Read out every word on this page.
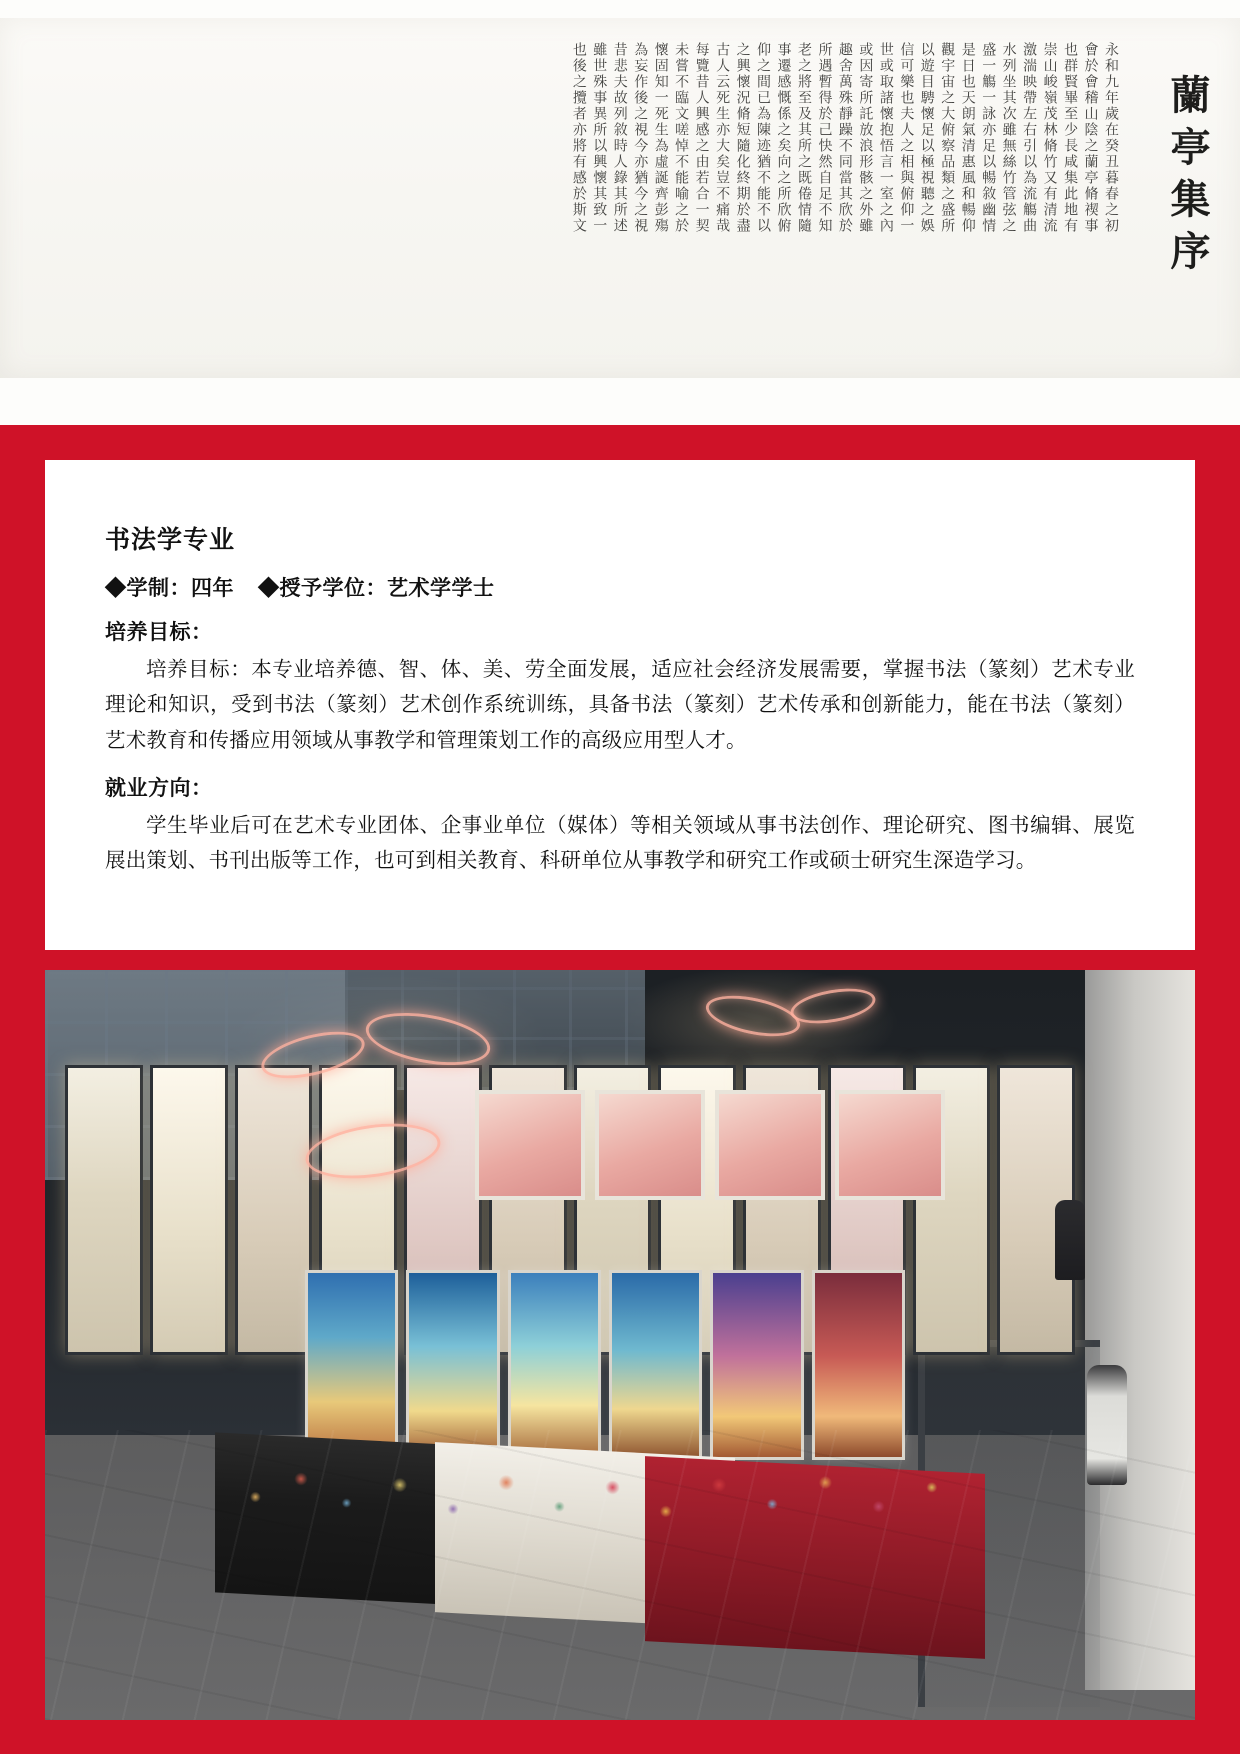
永和九年歲在癸丑暮春之初
會於會稽山陰之蘭亭脩禊事
也群賢畢至少長咸集此地有
崇山峻嶺茂林脩竹又有清流
激湍映帶左右引以為流觴曲
水列坐其次雖無絲竹管弦之
盛一觴一詠亦足以暢敘幽情
是日也天朗氣清惠風和暢仰
觀宇宙之大俯察品類之盛所
以遊目騁懷足以極視聽之娛
信可樂也夫人之相與俯仰一
世或取諸懷抱悟言一室之內
或因寄所託放浪形骸之外雖
趣舍萬殊靜躁不同當其欣於
所遇暫得於己快然自足不知
老之將至及其所之既倦情隨
事遷感慨係之矣向之所欣俯
仰之間已為陳迹猶不能不以
之興懷況脩短隨化終期於盡
古人云死生亦大矣豈不痛哉
每覽昔人興感之由若合一契
未嘗不臨文嗟悼不能喻之於
懷固知一死生為虛誕齊彭殤
為妄作後之視今亦猶今之視
昔悲夫故列敘時人錄其所述
雖世殊事異所以興懷其致一
也後之攬者亦將有感於斯文	蘭亭集序
书法学专业
◆学制：四年 ◆授予学位：艺术学学士
培养目标：

培养目标：本专业培养德、智、体、美、劳全面发展，适应社会经济发展需要，掌握书法（篆刻）艺术专业理论和知识，受到书法（篆刻）艺术创作系统训练，具备书法（篆刻）艺术传承和创新能力，能在书法（篆刻）艺术教育和传播应用领域从事教学和管理策划工作的高级应用型人才。

就业方向：

学生毕业后可在艺术专业团体、企事业单位（媒体）等相关领域从事书法创作、理论研究、图书编辑、展览展出策划、书刊出版等工作，也可到相关教育、科研单位从事教学和研究工作或硕士研究生深造学习。
